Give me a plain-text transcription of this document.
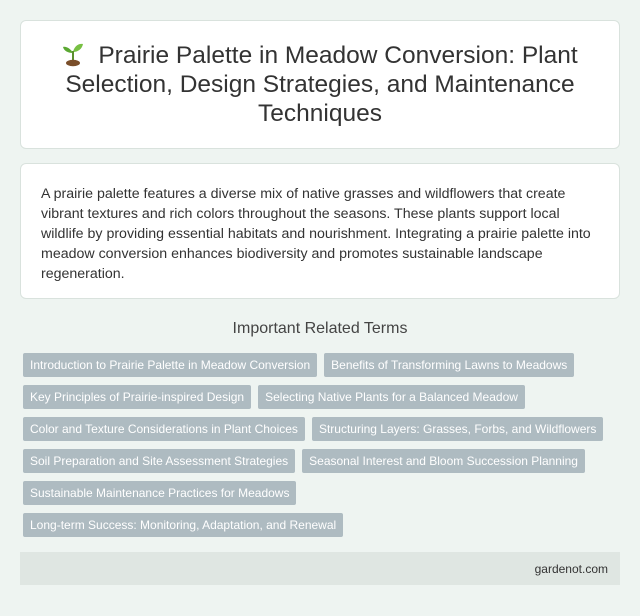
Prairie Palette in Meadow Conversion: Plant Selection, Design Strategies, and Maintenance Techniques

A prairie palette features a diverse mix of native grasses and wildflowers that create vibrant textures and rich colors throughout the seasons. These plants support local wildlife by providing essential habitats and nourishment. Integrating a prairie palette into meadow conversion enhances biodiversity and promotes sustainable landscape regeneration.

Important Related Terms
Introduction to Prairie Palette in Meadow Conversion	Benefits of Transforming Lawns to Meadows
Key Principles of Prairie-inspired Design	Selecting Native Plants for a Balanced Meadow
Color and Texture Considerations in Plant Choices	Structuring Layers: Grasses, Forbs, and Wildflowers
Soil Preparation and Site Assessment Strategies	Seasonal Interest and Bloom Succession Planning
Sustainable Maintenance Practices for Meadows
Long-term Success: Monitoring, Adaptation, and Renewal
gardenot.com
